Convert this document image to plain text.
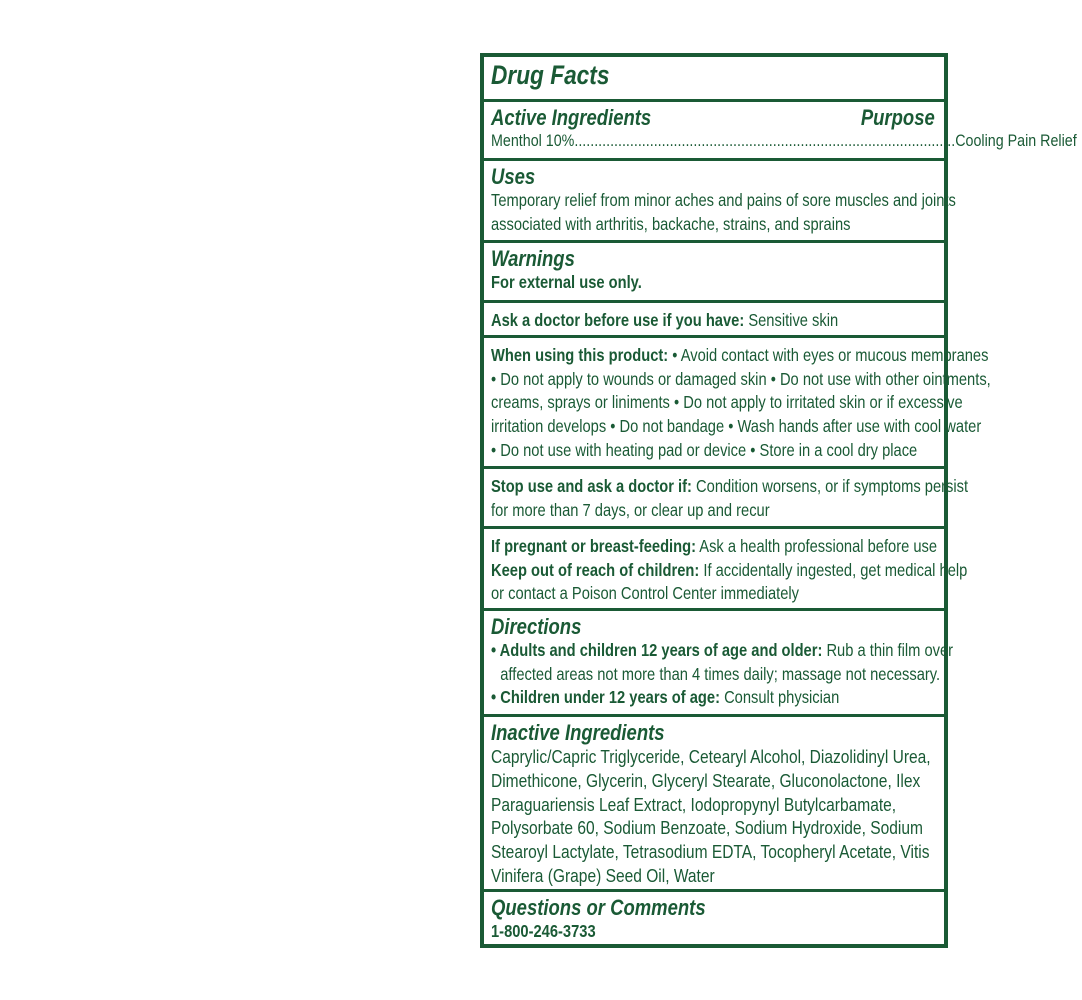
Drug Facts
Active Ingredients	Purpose
Menthol 10% ................................................................................................ Cooling Pain Relief
Uses
Temporary relief from minor aches and pains of sore muscles and joints
associated with arthritis, backache, strains, and sprains
Warnings
For external use only.
Ask a doctor before use if you have: Sensitive skin
When using this product: • Avoid contact with eyes or mucous membranes
• Do not apply to wounds or damaged skin • Do not use with other ointments,
creams, sprays or liniments • Do not apply to irritated skin or if excessive
irritation develops • Do not bandage • Wash hands after use with cool water
• Do not use with heating pad or device • Store in a cool dry place
Stop use and ask a doctor if: Condition worsens, or if symptoms persist
for more than 7 days, or clear up and recur
If pregnant or breast-feeding: Ask a health professional before use
Keep out of reach of children: If accidentally ingested, get medical help
or contact a Poison Control Center immediately
Directions
• Adults and children 12 years of age and older: Rub a thin film over
affected areas not more than 4 times daily; massage not necessary.
• Children under 12 years of age: Consult physician
Inactive Ingredients
Caprylic/Capric Triglyceride, Cetearyl Alcohol, Diazolidinyl Urea,
Dimethicone, Glycerin, Glyceryl Stearate, Gluconolactone, Ilex
Paraguariensis Leaf Extract, Iodopropynyl Butylcarbamate,
Polysorbate 60, Sodium Benzoate, Sodium Hydroxide, Sodium
Stearoyl Lactylate, Tetrasodium EDTA, Tocopheryl Acetate, Vitis
Vinifera (Grape) Seed Oil, Water
Questions or Comments
1-800-246-3733
